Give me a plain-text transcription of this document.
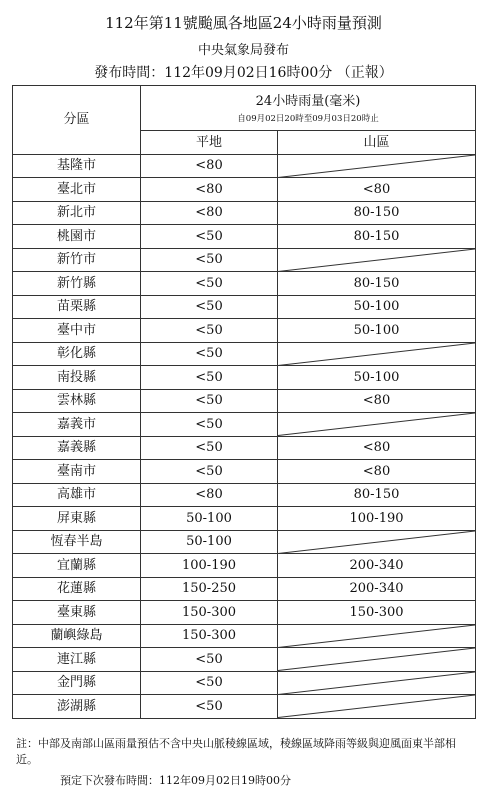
112年第11號颱風各地區24小時雨量預測
中央氣象局發布
發布時間：112年09月02日16時00分 （正報）
分區	24小時雨量(毫米)
自09月02日20時至09月03日20時止	

	平地	山區
基隆市	<80	

臺北市	<80	<80
新北市	<80	80-150
桃園市	<50	80-150
新竹市	<50	

新竹縣	<50	80-150
苗栗縣	<50	50-100
臺中市	<50	50-100
彰化縣	<50	

南投縣	<50	50-100
雲林縣	<50	<80
嘉義市	<50	

嘉義縣	<50	<80
臺南市	<50	<80
高雄市	<80	80-150
屏東縣	50-100	100-190
恆春半島	50-100	

宜蘭縣	100-190	200-340
花蓮縣	150-250	200-340
臺東縣	150-300	150-300
蘭嶼綠島	150-300	

連江縣	<50	

金門縣	<50	

澎湖縣	<50	
註：中部及南部山區雨量預估不含中央山脈稜線區域，稜線區域降雨等級與迎風面東半部相近。
預定下次發布時間：112年09月02日19時00分
